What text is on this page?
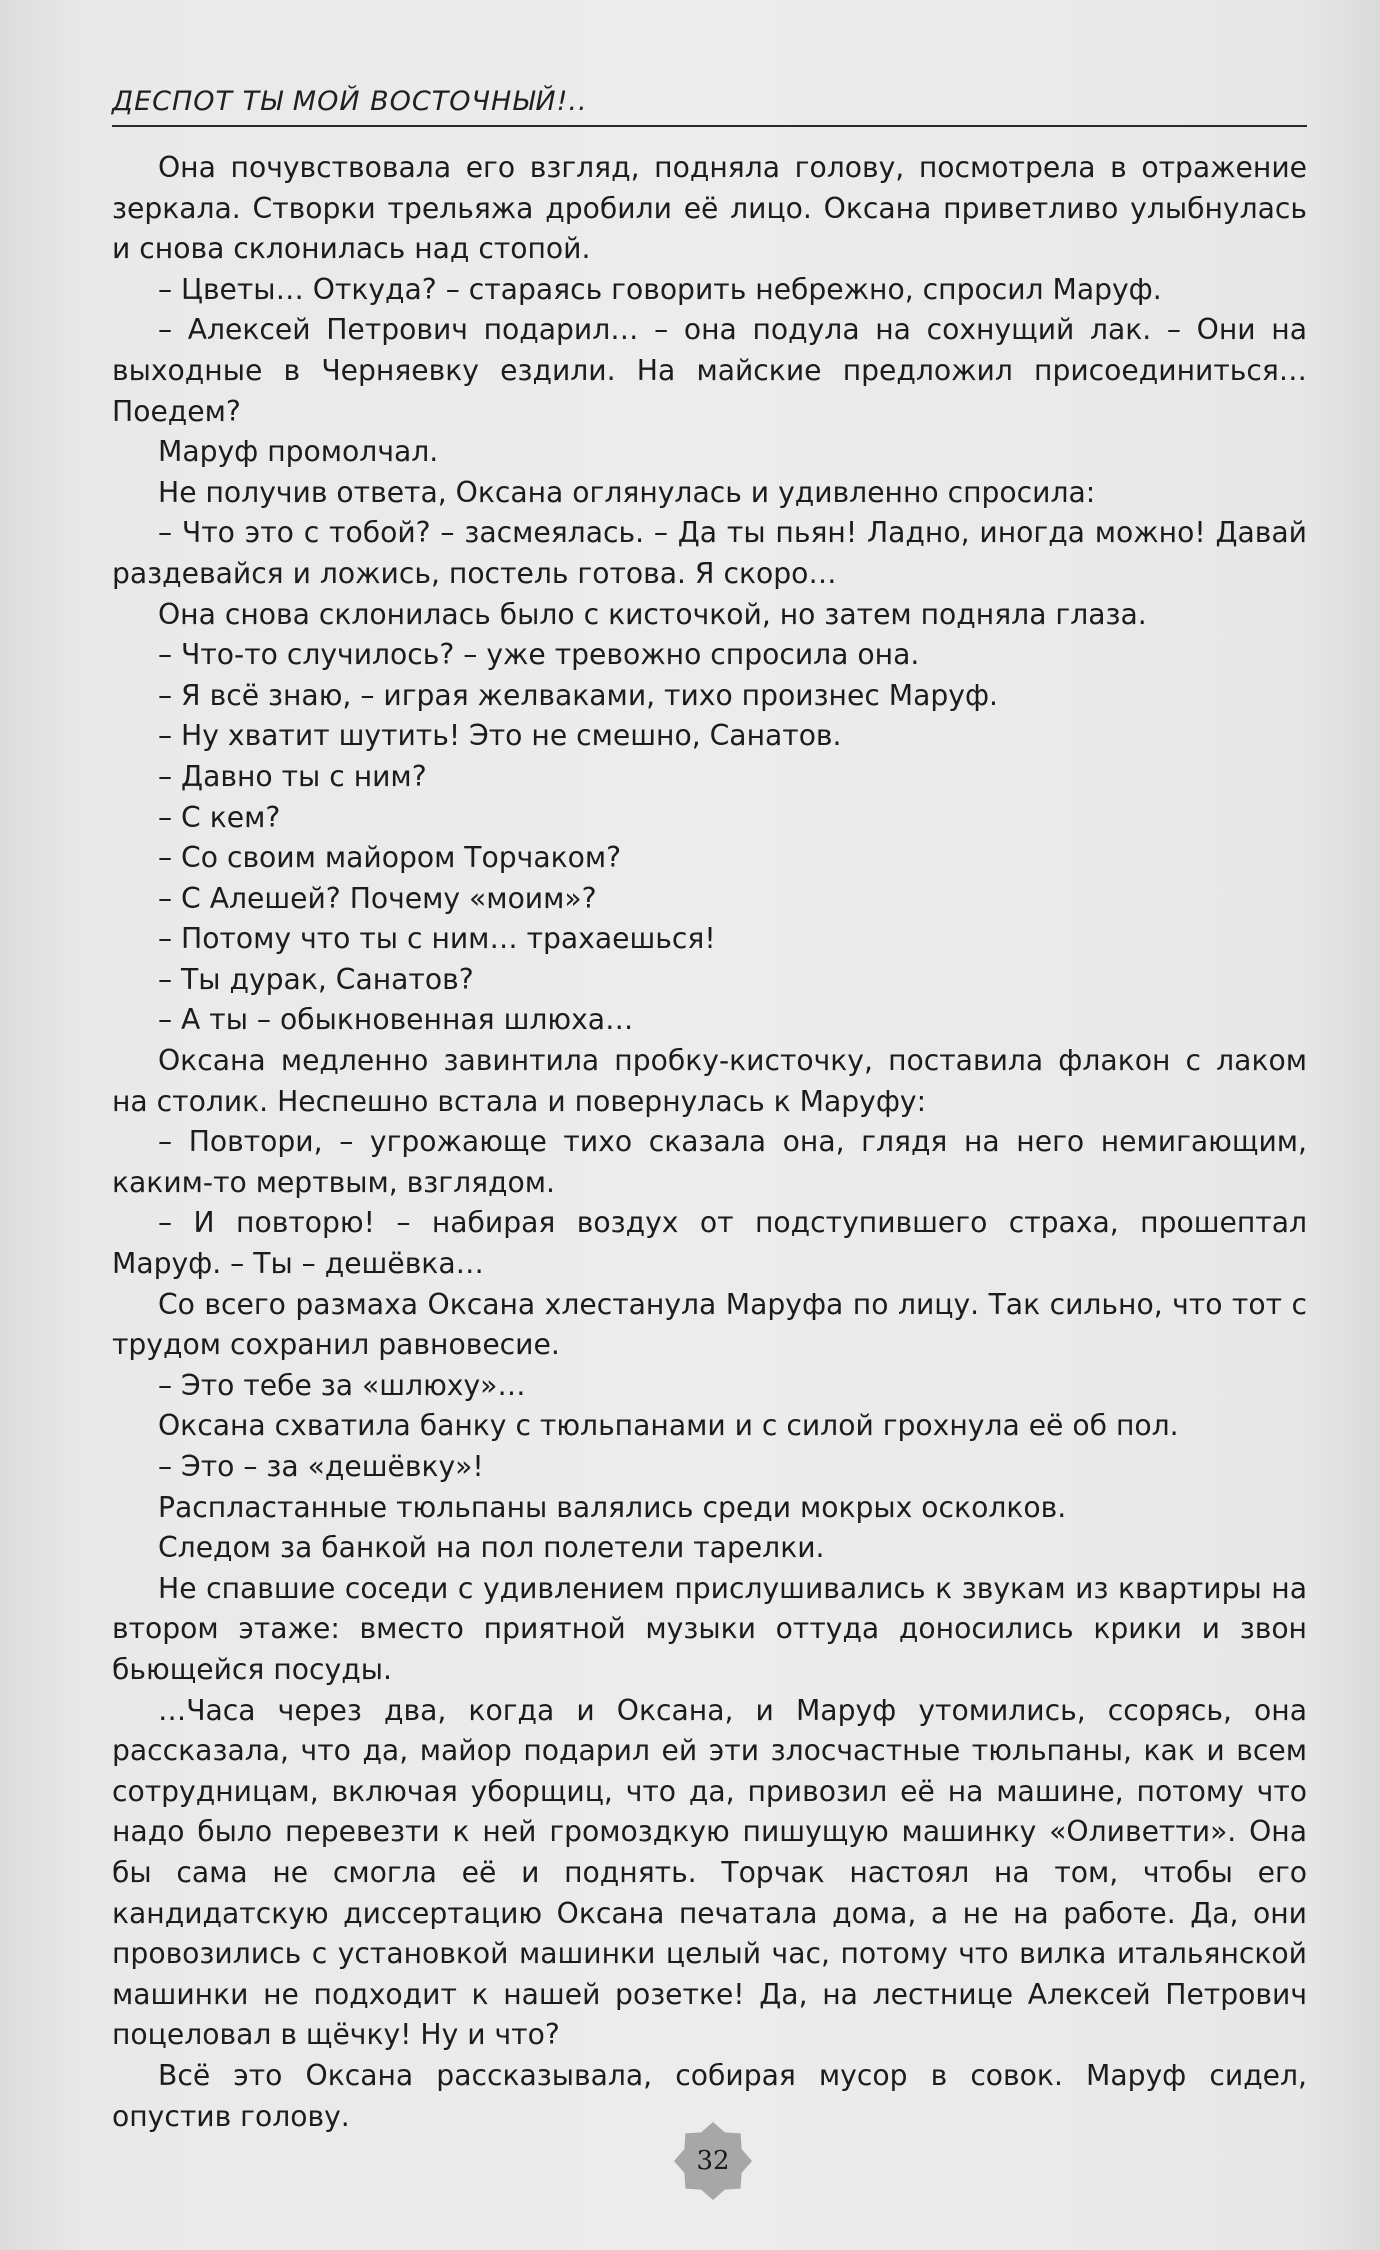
ДЕСПОТ ТЫ МОЙ ВОСТОЧНЫЙ!..

Она почувствовала его взгляд, подняла голову, посмотрела в отражение зеркала. Створки трельяжа дробили её лицо. Оксана приветливо улыбнулась и снова склонилась над стопой.

– Цветы… Откуда? – стараясь говорить небрежно, спросил Маруф.

– Алексей Петрович подарил… – она подула на сохнущий лак. – Они на выходные в Черняевку ездили. На майские предложил присоединиться… Поедем?

Маруф промолчал.

Не получив ответа, Оксана оглянулась и удивленно спросила:

– Что это с тобой? – засмеялась. – Да ты пьян! Ладно, иногда можно! Давай раздевайся и ложись, постель готова. Я скоро…

Она снова склонилась было с кисточкой, но затем подняла глаза.

– Что-то случилось? – уже тревожно спросила она.

– Я всё знаю, – играя желваками, тихо произнес Маруф.

– Ну хватит шутить! Это не смешно, Санатов.

– Давно ты с ним?

– С кем?

– Со своим майором Торчаком?

– С Алешей? Почему «моим»?

– Потому что ты с ним… трахаешься!

– Ты дурак, Санатов?

– А ты – обыкновенная шлюха…

Оксана медленно завинтила пробку-кисточку, поставила флакон с лаком на столик. Неспешно встала и повернулась к Маруфу:

– Повтори, – угрожающе тихо сказала она, глядя на него немигающим, каким-то мертвым, взглядом.

– И повторю! – набирая воздух от подступившего страха, прошептал Маруф. – Ты – дешёвка…

Со всего размаха Оксана хлестанула Маруфа по лицу. Так сильно, что тот с трудом сохранил равновесие.

– Это тебе за «шлюху»…

Оксана схватила банку с тюльпанами и с силой грохнула её об пол.

– Это – за «дешёвку»!

Распластанные тюльпаны валялись среди мокрых осколков.

Следом за банкой на пол полетели тарелки.

Не спавшие соседи с удивлением прислушивались к звукам из квартиры на втором этаже: вместо приятной музыки оттуда доносились крики и звон бьющейся посуды.

…Часа через два, когда и Оксана, и Маруф утомились, ссорясь, она рассказала, что да, майор подарил ей эти злосчастные тюльпаны, как и всем сотрудницам, включая уборщиц, что да, привозил её на машине, потому что надо было перевезти к ней громоздкую пишущую машинку «Оливетти». Она бы сама не смогла её и поднять. Торчак настоял на том, чтобы его кандидатскую диссертацию Оксана печатала дома, а не на работе. Да, они провозились с установкой машинки целый час, потому что вилка итальянской машинки не подходит к нашей розетке! Да, на лестнице Алексей Петрович поцеловал в щёчку! Ну и что?

Всё это Оксана рассказывала, собирая мусор в совок. Маруф сидел, опустив голову.

32
